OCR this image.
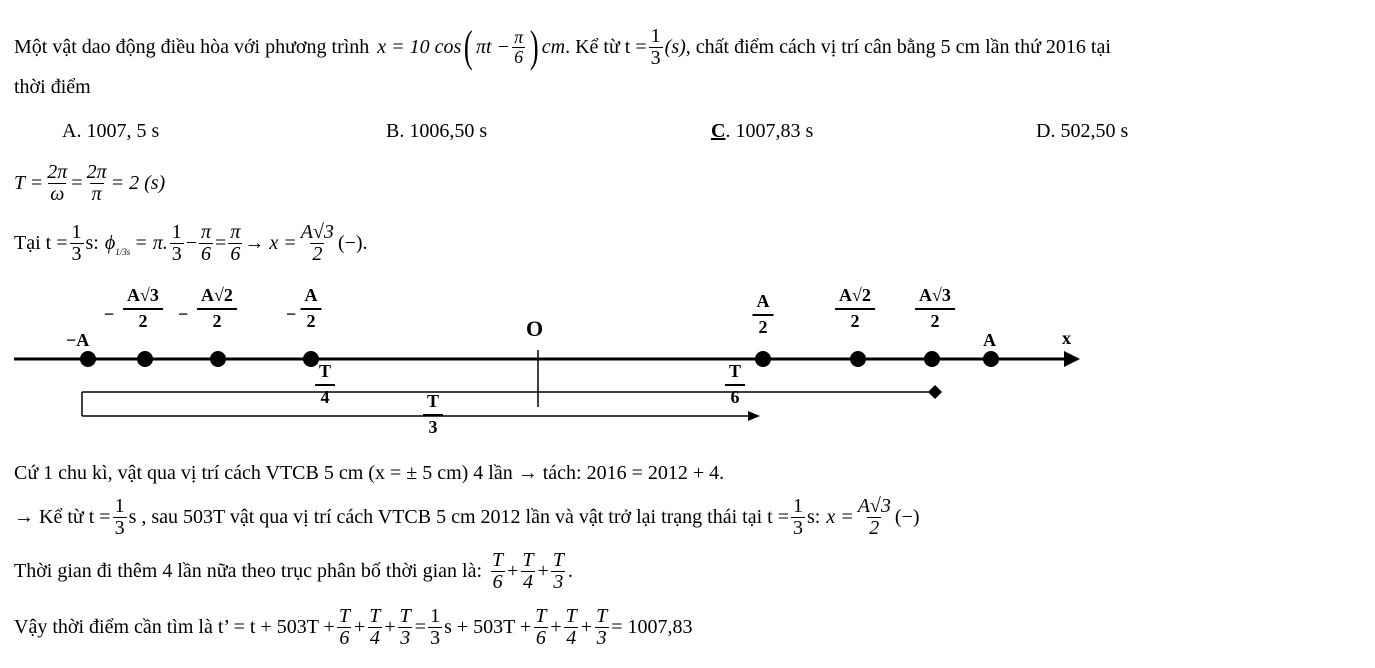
Một vật dao động điều hòa với phương trình x = 10 cos ( $\pi t - \frac{\pi}{6}$ ) cm . Kể từ $t = \frac{1}{3} (s)$ , chất điểm cách vị trí cân bằng 5 cm lần thứ 2016 tại
thời điểm
A. 1007, 5 s	B. 1006,50 s	C. 1007,83 s	D. 502,50 s
$T = \frac{2\pi}{\omega} = \frac{2\pi}{\pi} = 2$ (s)
Tại $t = \frac{1}{3} s$: ϕ 1/3s = π. $\frac{1}{3} - \frac{\pi}{6} = \frac{\pi}{6} \to x = \frac{A√3}{2}$ (−).
−A
− $\frac{A√3}{2} - \frac{A√2}{2}$	− $\frac{A}{2}$	O	$\frac{A}{2}$	$\frac{A√2}{2} \frac{A√3}{2}$
A	x
$\frac{T}{4}$	$\frac{T}{6}$
$\frac{T}{3}$
Cứ 1 chu kì, vật qua vị trí cách VTCB 5 cm (x = ± 5 cm) 4 lần → tách: 2016 = 2012 + 4.
→ Kể từ $t = \frac{1}{3}$ s , sau 503T vật qua vị trí cách VTCB 5 cm 2012 lần và vật trở lại trạng thái tại $t = \frac{1}{3} s$: $x = \frac{A√3}{2}$ (−)
Thời gian đi thêm 4 lần nữa theo trục phân bố thời gian là: $\frac{T}{6} + \frac{T}{4} + \frac{T}{3}$ .
Vậy thời điểm cần tìm là t’ = $t + 503T + \frac{T}{6} + \frac{T}{4} + \frac{T}{3} = \frac{1}{3}$ $s + 503T + \frac{T}{6} + \frac{T}{4} + \frac{T}{3} = 1007,83$
